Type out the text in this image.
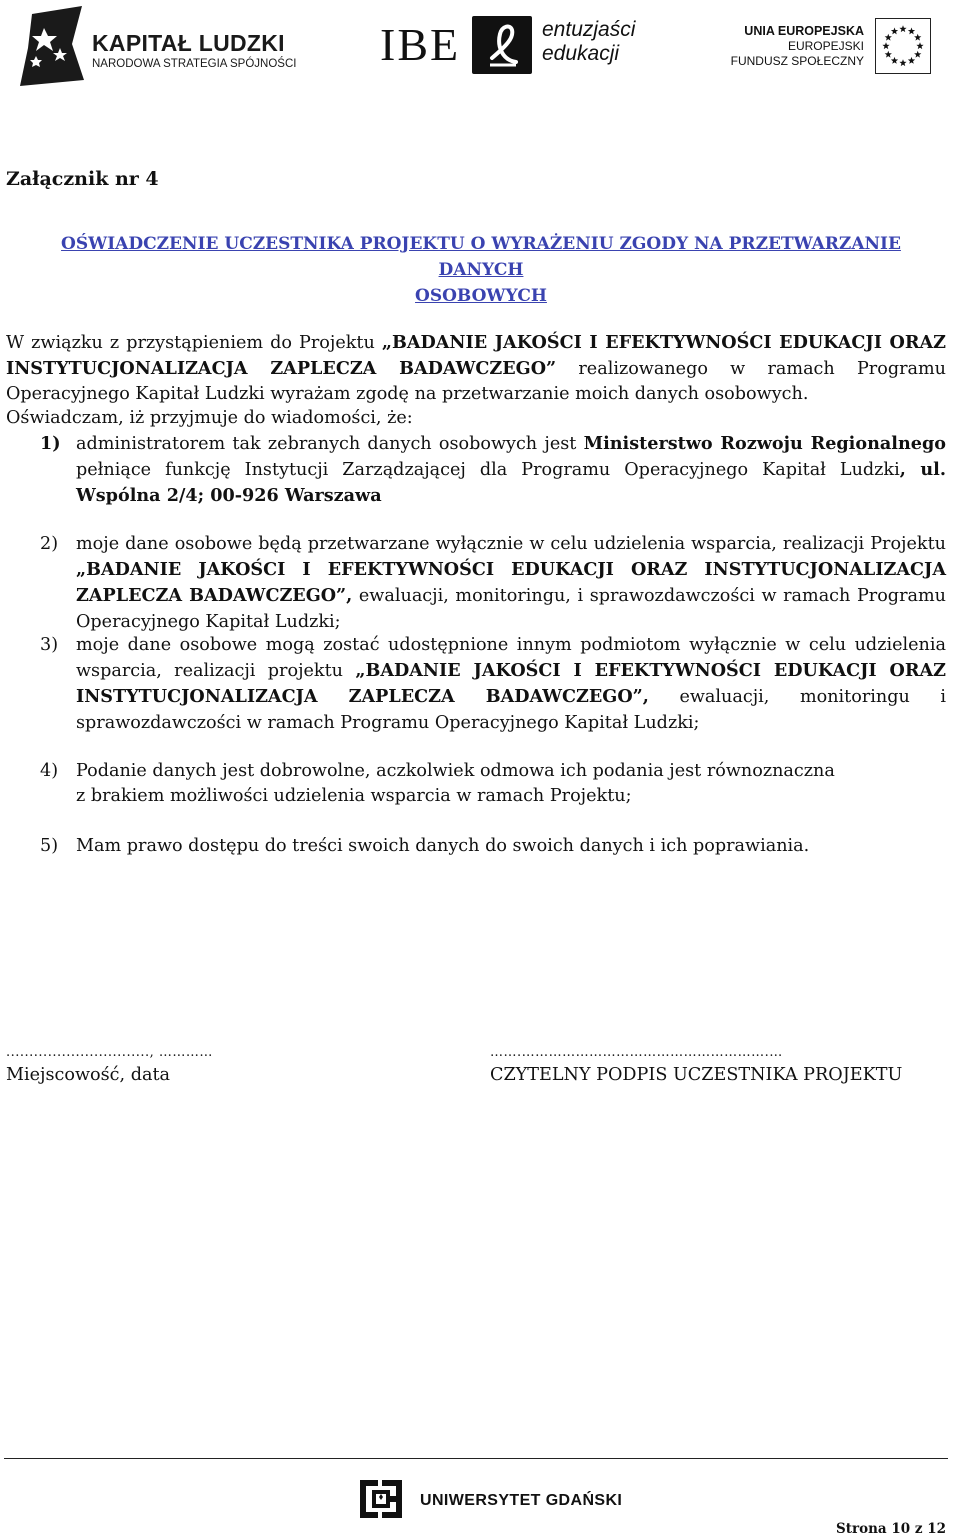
KAPITAŁ LUDZKI
NARODOWA STRATEGIA SPÓJNOŚCI IBE	entuzjaści
edukacji
UNIA EUROPEJSKA
EUROPEJSKI
FUNDUSZ SPOŁECZNY
Załącznik nr 4
OŚWIADCZENIE UCZESTNIKA PROJEKTU O WYRAŻENIU ZGODY NA PRZETWARZANIE DANYCH
OSOBOWYCH
W związku z przystąpieniem do Projektu „BADANIE JAKOŚCI I EFEKTYWNOŚCI EDUKACJI ORAZ INSTYTUCJONALIZACJA ZAPLECZA BADAWCZEGO” realizowanego w ramach Programu Operacyjnego Kapitał Ludzki wyrażam zgodę na przetwarzanie moich danych osobowych.
Oświadczam, iż przyjmuje do wiadomości, że:
1) administratorem tak zebranych danych osobowych jest Ministerstwo Rozwoju Regionalnego pełniące funkcję Instytucji Zarządzającej dla Programu Operacyjnego Kapitał Ludzki, ul. Wspólna 2/4; 00-926 Warszawa
2) moje dane osobowe będą przetwarzane wyłącznie w celu udzielenia wsparcia, realizacji Projektu „BADANIE JAKOŚCI I EFEKTYWNOŚCI EDUKACJI ORAZ INSTYTUCJONALIZACJA ZAPLECZA BADAWCZEGO”, ewaluacji, monitoringu, i sprawozdawczości w ramach Programu Operacyjnego Kapitał Ludzki;
3) moje dane osobowe mogą zostać udostępnione innym podmiotom wyłącznie w celu udzielenia wsparcia, realizacji projektu „BADANIE JAKOŚCI I EFEKTYWNOŚCI EDUKACJI ORAZ INSTYTUCJONALIZACJA ZAPLECZA BADAWCZEGO”, ewaluacji, monitoringu i sprawozdawczości w ramach Programu Operacyjnego Kapitał Ludzki;
4) Podanie danych jest dobrowolne, aczkolwiek odmowa ich podania jest równoznaczna
z brakiem możliwości udzielenia wsparcia w ramach Projektu;
5) Mam prawo dostępu do treści swoich danych do swoich danych i ich poprawiania.
..............................., …………
Miejscowość, data
…….……………………………………………….…
CZYTELNY PODPIS UCZESTNIKA PROJEKTU
UNIWERSYTET GDAŃSKI
Strona 10 z 12
